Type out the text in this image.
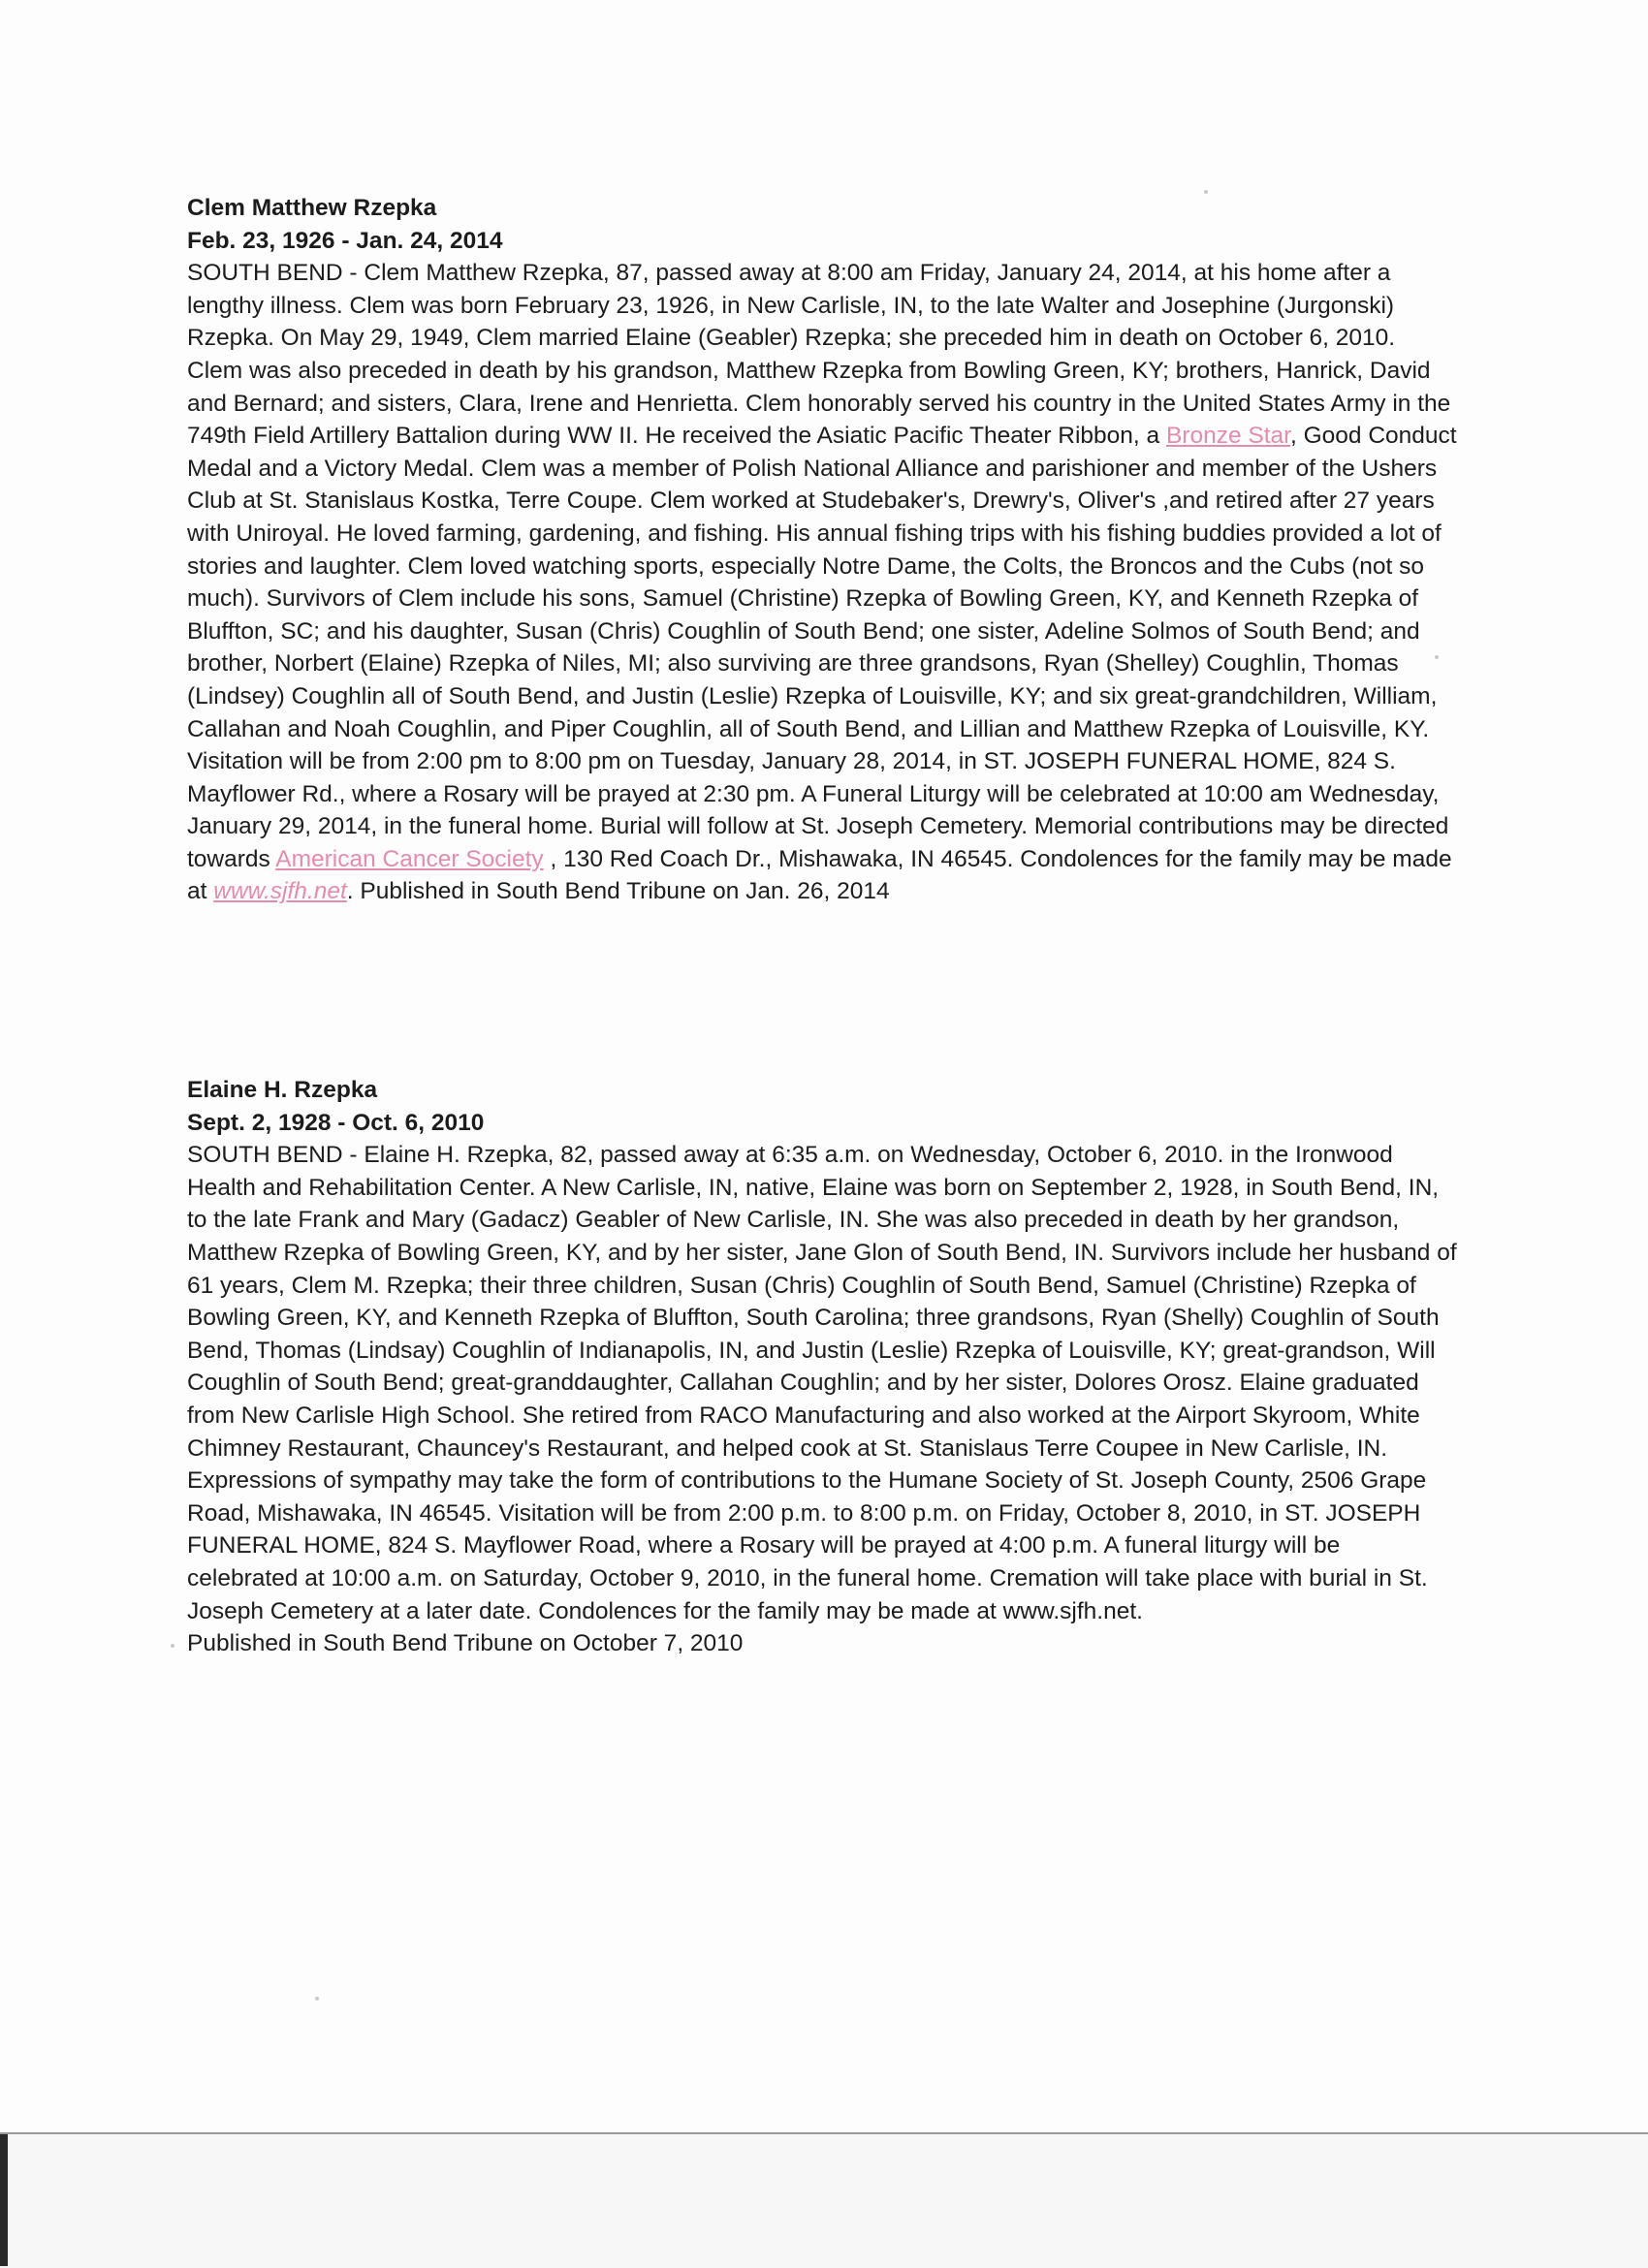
Clem Matthew Rzepka
Feb. 23, 1926 - Jan. 24, 2014

SOUTH BEND - Clem Matthew Rzepka, 87, passed away at 8:00 am Friday, January 24, 2014, at his home after a lengthy illness. Clem was born February 23, 1926, in New Carlisle, IN, to the late Walter and Josephine (Jurgonski) Rzepka. On May 29, 1949, Clem married Elaine (Geabler) Rzepka; she preceded him in death on October 6, 2010. Clem was also preceded in death by his grandson, Matthew Rzepka from Bowling Green, KY; brothers, Hanrick, David and Bernard; and sisters, Clara, Irene and Henrietta. Clem honorably served his country in the United States Army in the 749th Field Artillery Battalion during WW II. He received the Asiatic Pacific Theater Ribbon, a Bronze Star, Good Conduct Medal and a Victory Medal. Clem was a member of Polish National Alliance and parishioner and member of the Ushers Club at St. Stanislaus Kostka, Terre Coupe. Clem worked at Studebaker's, Drewry's, Oliver's ,and retired after 27 years with Uniroyal. He loved farming, gardening, and fishing. His annual fishing trips with his fishing buddies provided a lot of stories and laughter. Clem loved watching sports, especially Notre Dame, the Colts, the Broncos and the Cubs (not so much). Survivors of Clem include his sons, Samuel (Christine) Rzepka of Bowling Green, KY, and Kenneth Rzepka of Bluffton, SC; and his daughter, Susan (Chris) Coughlin of South Bend; one sister, Adeline Solmos of South Bend; and brother, Norbert (Elaine) Rzepka of Niles, MI; also surviving are three grandsons, Ryan (Shelley) Coughlin, Thomas (Lindsey) Coughlin all of South Bend, and Justin (Leslie) Rzepka of Louisville, KY; and six great-grandchildren, William, Callahan and Noah Coughlin, and Piper Coughlin, all of South Bend, and Lillian and Matthew Rzepka of Louisville, KY. Visitation will be from 2:00 pm to 8:00 pm on Tuesday, January 28, 2014, in ST. JOSEPH FUNERAL HOME, 824 S. Mayflower Rd., where a Rosary will be prayed at 2:30 pm. A Funeral Liturgy will be celebrated at 10:00 am Wednesday, January 29, 2014, in the funeral home. Burial will follow at St. Joseph Cemetery. Memorial contributions may be directed towards American Cancer Society , 130 Red Coach Dr., Mishawaka, IN 46545. Condolences for the family may be made at www.sjfh.net. Published in South Bend Tribune on Jan. 26, 2014

Elaine H. Rzepka
Sept. 2, 1928 - Oct. 6, 2010

SOUTH BEND - Elaine H. Rzepka, 82, passed away at 6:35 a.m. on Wednesday, October 6, 2010. in the Ironwood Health and Rehabilitation Center. A New Carlisle, IN, native, Elaine was born on September 2, 1928, in South Bend, IN, to the late Frank and Mary (Gadacz) Geabler of New Carlisle, IN. She was also preceded in death by her grandson, Matthew Rzepka of Bowling Green, KY, and by her sister, Jane Glon of South Bend, IN. Survivors include her husband of 61 years, Clem M. Rzepka; their three children, Susan (Chris) Coughlin of South Bend, Samuel (Christine) Rzepka of Bowling Green, KY, and Kenneth Rzepka of Bluffton, South Carolina; three grandsons, Ryan (Shelly) Coughlin of South Bend, Thomas (Lindsay) Coughlin of Indianapolis, IN, and Justin (Leslie) Rzepka of Louisville, KY; great-grandson, Will Coughlin of South Bend; great-granddaughter, Callahan Coughlin; and by her sister, Dolores Orosz. Elaine graduated from New Carlisle High School. She retired from RACO Manufacturing and also worked at the Airport Skyroom, White Chimney Restaurant, Chauncey's Restaurant, and helped cook at St. Stanislaus Terre Coupee in New Carlisle, IN. Expressions of sympathy may take the form of contributions to the Humane Society of St. Joseph County, 2506 Grape Road, Mishawaka, IN 46545. Visitation will be from 2:00 p.m. to 8:00 p.m. on Friday, October 8, 2010, in ST. JOSEPH FUNERAL HOME, 824 S. Mayflower Road, where a Rosary will be prayed at 4:00 p.m. A funeral liturgy will be celebrated at 10:00 a.m. on Saturday, October 9, 2010, in the funeral home. Cremation will take place with burial in St. Joseph Cemetery at a later date. Condolences for the family may be made at www.sjfh.net.

Published in South Bend Tribune on October 7, 2010
